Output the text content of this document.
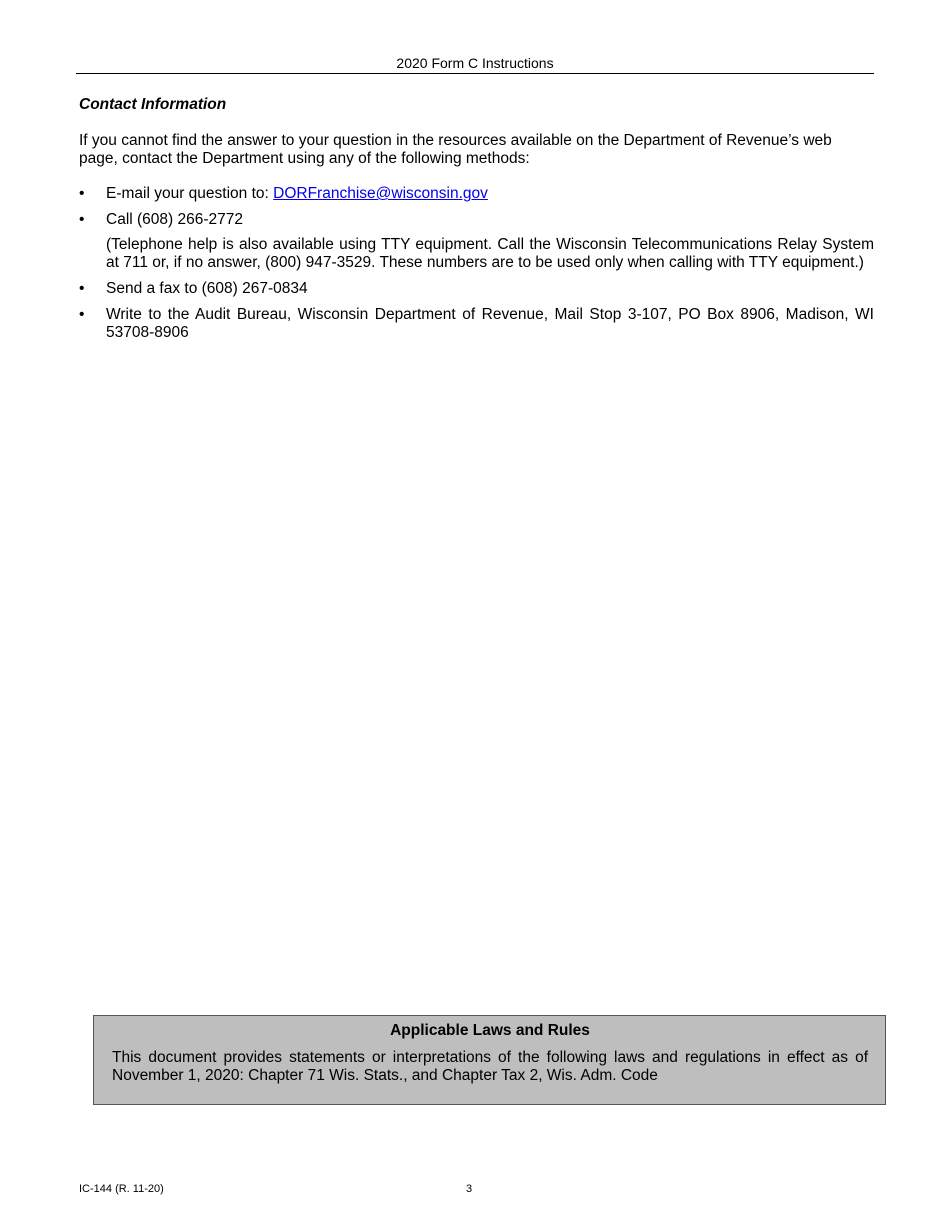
2020 Form C Instructions
Contact Information
If you cannot find the answer to your question in the resources available on the Department of Revenue’s web page, contact the Department using any of the following methods:
• E-mail your question to: DORFranchise@wisconsin.gov
• Call (608) 266-2772
(Telephone help is also available using TTY equipment. Call the Wisconsin Telecommunications Relay System at 711 or, if no answer, (800) 947-3529. These numbers are to be used only when calling with TTY equipment.)
• Send a fax to (608) 267-0834
• Write to the Audit Bureau, Wisconsin Department of Revenue, Mail Stop 3-107, PO Box 8906, Madison, WI 53708-8906
Applicable Laws and Rules
This document provides statements or interpretations of the following laws and regulations in effect as of November 1, 2020: Chapter 71 Wis. Stats., and Chapter Tax 2, Wis. Adm. Code
IC-144 (R. 11-20)	3
